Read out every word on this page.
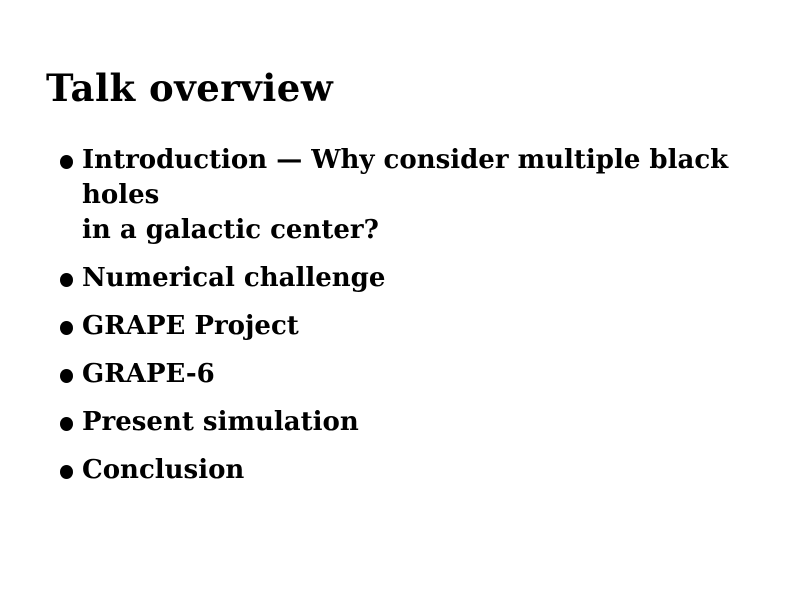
Talk overview
Introduction — Why consider multiple black holes
in a galactic center?
Numerical challenge
GRAPE Project
GRAPE-6
Present simulation
Conclusion
